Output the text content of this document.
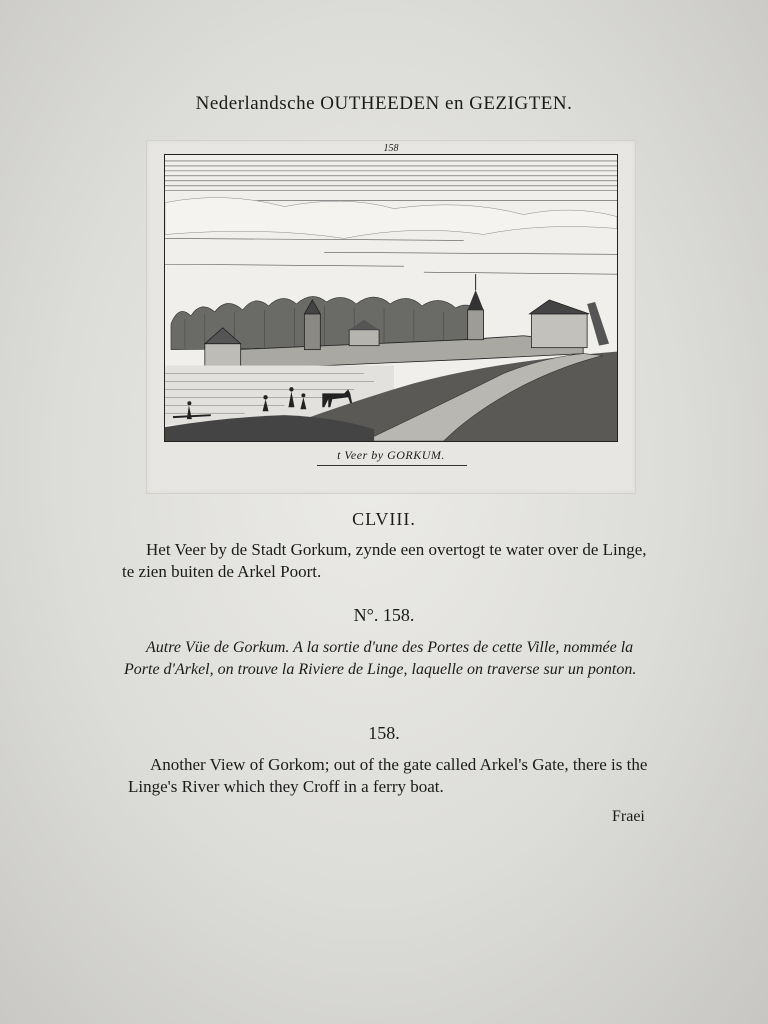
Nederlandsche OUTHEEDEN en GEZIGTEN.
158
t Veer by GORKUM.
CLVIII.
Het Veer by de Stadt Gorkum, zynde een overtogt te water over de Linge, te zien buiten de Arkel Poort.
N°. 158.
Autre Vüe de Gorkum. A la sortie d'une des Portes de cette Ville, nommée la Porte d'Arkel, on trouve la Riviere de Linge, laquelle on traverse sur un ponton.
158.
Another View of Gorkom; out of the gate called Arkel's Gate, there is the Linge's River which they Croff in a ferry boat.
Fraei
